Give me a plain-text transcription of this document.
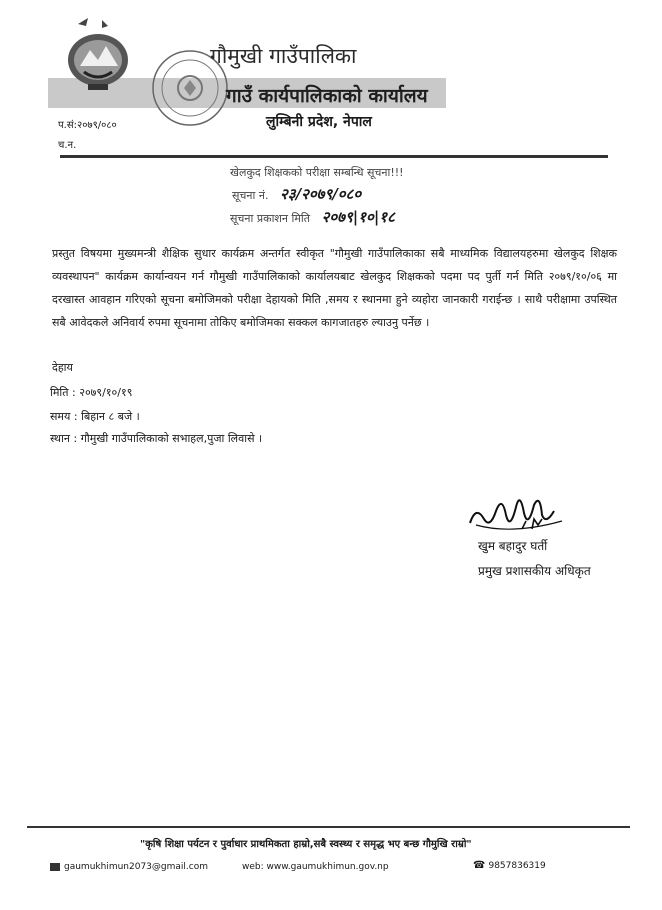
गौमुखी गाउँपालिका
गाउँ कार्यपालिकाको कार्यालय
लुम्बिनी प्रदेश, नेपाल
प.सं:२०७९/०८०
च.न.
खेलकुद शिक्षकको परीक्षा सम्बन्धि सूचना!!!
सूचना नं. २३/२०७९/०८०
सूचना प्रकाशन मिति २०७९|१०|१८
प्रस्तुत विषयमा मुख्यमन्त्री शैक्षिक सुधार कार्यक्रम अन्तर्गत स्वीकृत "गौमुखी गाउँपालिकाका सबै माध्यमिक विद्यालयहरुमा खेलकुद शिक्षक व्यवस्थापन" कार्यक्रम कार्यान्वयन गर्न गौमुखी गाउँपालिकाको कार्यालयबाट खेलकुद शिक्षकको पदमा पद पुर्ती गर्न मिति २०७९/१०/०६ मा दरखास्त आवहान गरिएको सूचना बमोजिमको परीक्षा देहायको मिति ,समय र स्थानमा हुने व्यहोरा जानकारी गराईन्छ । साथै परीक्षामा उपस्थित सबै आवेदकले अनिवार्य रुपमा सूचनामा तोकिए बमोजिमका सक्कल कागजातहरु ल्याउनु पर्नेछ ।
देहाय
मिति : २०७९/१०/१९
समय : बिहान ८ बजे ।
स्थान : गौमुखी गाउँपालिकाको सभाहल,पुजा लिवासे ।
खुम बहादुर घर्ती
प्रमुख प्रशासकीय अधिकृत
"कृषि शिक्षा पर्यटन र पुर्वाधार प्राथमिकता हाम्रो,सबै स्वस्थ्य र समृद्ध भए बन्छ गौमुखि राम्रो"
gaumukhimun2073@gmail.com	web: www.gaumukhimun.gov.np	☎ 9857836319
